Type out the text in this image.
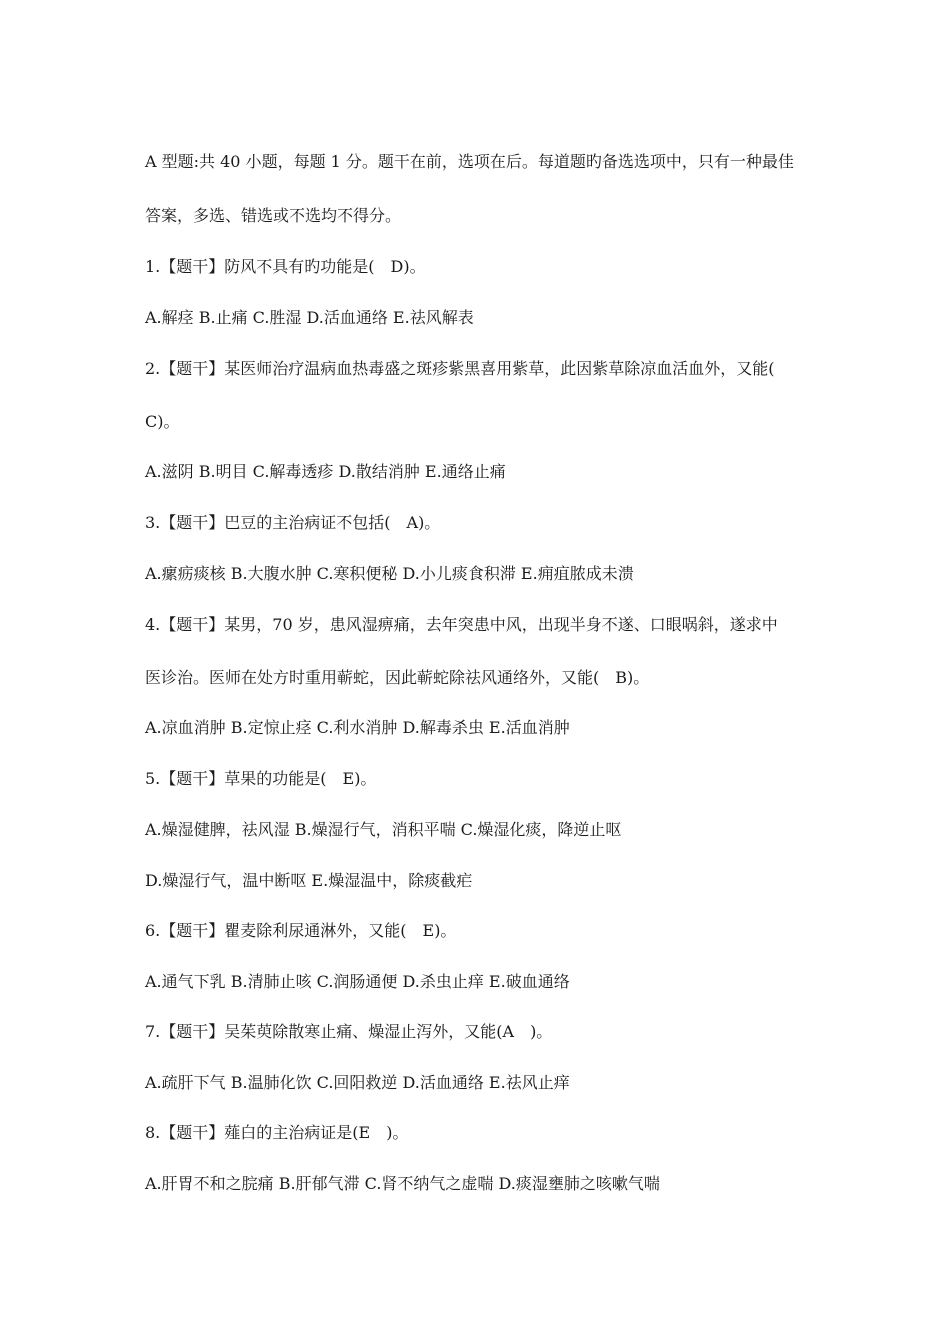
A 型题:共 40 小题，每题 1 分。题干在前，选项在后。每道题旳备选选项中，只有一种最佳
答案，多选、错选或不选均不得分。
1.【题干】防风不具有旳功能是(　D)。
A.解痉 B.止痛 C.胜湿 D.活血通络 E.祛风解表
2.【题干】某医师治疗温病血热毒盛之斑疹紫黑喜用紫草，此因紫草除凉血活血外，又能(
C)。
A.滋阴 B.明目 C.解毒透疹 D.散结消肿 E.通络止痛
3.【题干】巴豆的主治病证不包括(　A)。
A.瘰疬痰核 B.大腹水肿 C.寒积便秘 D.小儿痰食积滞 E.痈疽脓成未溃
4.【题干】某男，70 岁，患风湿痹痛，去年突患中风，出现半身不遂、口眼㖞斜，遂求中
医诊治。医师在处方时重用蕲蛇，因此蕲蛇除祛风通络外，又能(　B)。
A.凉血消肿 B.定惊止痉 C.利水消肿 D.解毒杀虫 E.活血消肿
5.【题干】草果的功能是(　E)。
A.燥湿健脾，祛风湿 B.燥湿行气，消积平喘 C.燥湿化痰，降逆止呕
D.燥湿行气，温中断呕 E.燥湿温中，除痰截疟
6.【题干】瞿麦除利尿通淋外，又能(　E)。
A.通气下乳 B.清肺止咳 C.润肠通便 D.杀虫止痒 E.破血通络
7.【题干】吴茱萸除散寒止痛、燥湿止泻外，又能(A　)。
A.疏肝下气 B.温肺化饮 C.回阳救逆 D.活血通络 E.祛风止痒
8.【题干】薤白的主治病证是(E　)。
A.肝胃不和之脘痛 B.肝郁气滞 C.肾不纳气之虚喘 D.痰湿壅肺之咳嗽气喘
